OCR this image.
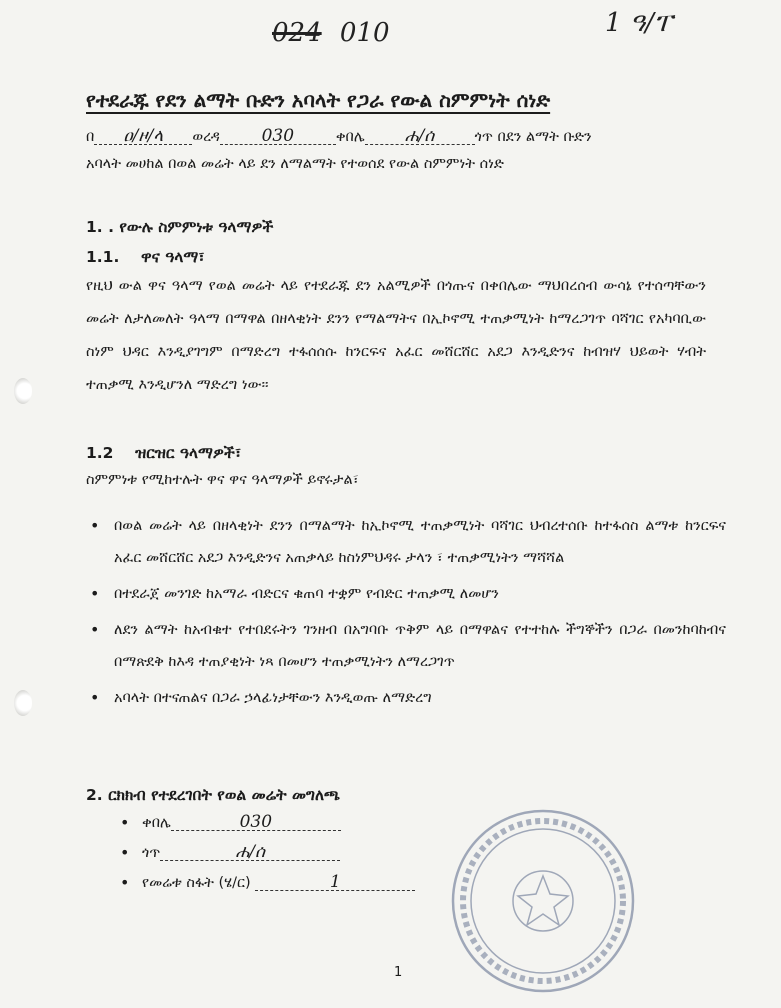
024 010	1 ዓ/ፐ
የተደራጁ የደን ልማት ቡድን አባላት የጋራ የውል ስምምነት ሰነድ
በ ዐ/ዞ/ላ ወረዳ 030	ቀበሌ ሐ/ሰ	ጎጥ በደን ልማት ቡድን
አባላት መሀከል በወል መሬት ላይ ደን ለማልማት የተወሰደ የውል ስምምነት ሰነድ
1. . የውሉ ስምምነቱ ዓላማዎች
1.1. ዋና ዓላማ፣
የዚህ ውል ዋና ዓላማ የወል መሬት ላይ የተደራጁ ደን አልሚዎች በጎጡና በቀበሌው ማህበረሰብ ውሳኔ የተሰጣቸውን መሬት ለታለመለት ዓላማ በማዋል በዘላቂነት ደንን የማልማትና በኢኮኖሚ ተጠቃሚነት ከማረጋገጥ ባሻገር የአካባቢው ስነም ህዳር እንዲያገግም በማድረግ ተፋሰሰሱ ከንርፍና አፈር መሸርሸር አደጋ እንዲድንና ከብዝሃ ህይወት ሃብት ተጠቃሚ እንዲሆንለ ማድረግ ነው፡፡
1.2 ዝርዝር ዓላማዎች፣
ስምምነቱ የሚከተሉት ዋና ዋና ዓላማዎች ይኖሩታል፣
• በወል መሬት ላይ በዘላቂነት ደንን በማልማት ከኢኮኖሚ ተጠቃሚነት ባሻገር ህብረተሰቡ ከተፋሰስ ልማቱ ከንርፍና አፈር መሸርሸር አደጋ እንዲድንና አጠቃላይ ከስነምህዳሩ ታላን ፣ ተጠቃሚነትን ማሻሻል
• በተደራጀ መንገድ ከአማራ ብድርና ቁጠባ ተቋም የብድር ተጠቃሚ ለመሆን
• ለደን ልማት ከአብቁተ የተበደሩትን ገንዘብ በአግባቡ ጥቅም ላይ በማዋልና የተተከሉ ችግኞችን በጋራ በመንከባከብና በማጽደቅ ከእዳ ተጠያቂነት ነጻ በመሆን ተጠቃሚነትን ለማረጋገጥ
• አባላት በተናጠልና በጋራ ኃላፊነታቸውን እንዲወጡ ለማድረግ
2. ርክክብ የተደረገበት የወል መሬት መግለጫ
• ቀበሌ	030
• ጎጥ	ሐ/ሰ
• የመሬቱ ስፋት (ሄ/ር)	1
1
